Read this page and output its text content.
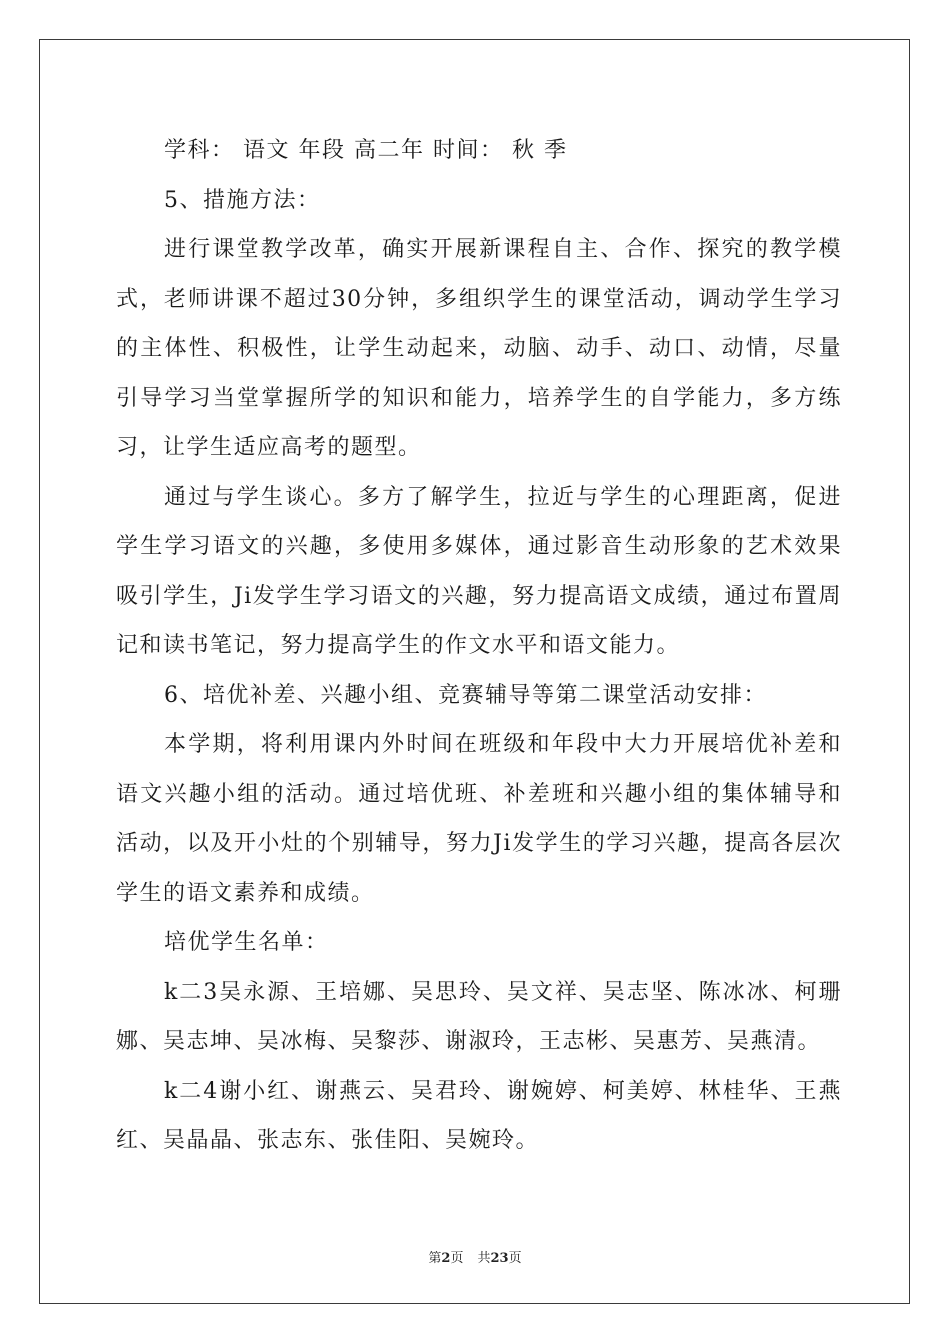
学科： 语文 年段 高二年 时间： 秋 季

5、措施方法：

进行课堂教学改革，确实开展新课程自主、合作、探究的教学模式，老师讲课不超过30分钟，多组织学生的课堂活动，调动学生学习的主体性、积极性，让学生动起来，动脑、动手、动口、动情，尽量引导学习当堂掌握所学的知识和能力，培养学生的自学能力，多方练习，让学生适应高考的题型。

通过与学生谈心。多方了解学生，拉近与学生的心理距离，促进学生学习语文的兴趣，多使用多媒体，通过影音生动形象的艺术效果吸引学生，Ji发学生学习语文的兴趣，努力提高语文成绩，通过布置周记和读书笔记，努力提高学生的作文水平和语文能力。

6、培优补差、兴趣小组、竞赛辅导等第二课堂活动安排：

本学期，将利用课内外时间在班级和年段中大力开展培优补差和语文兴趣小组的活动。通过培优班、补差班和兴趣小组的集体辅导和活动，以及开小灶的个别辅导，努力Ji发学生的学习兴趣，提高各层次学生的语文素养和成绩。

培优学生名单：

k二3吴永源、王培娜、吴思玲、吴文祥、吴志坚、陈冰冰、柯珊娜、吴志坤、吴冰梅、吴黎莎、谢淑玲，王志彬、吴惠芳、吴燕清。

k二4谢小红、谢燕云、吴君玲、谢婉婷、柯美婷、林桂华、王燕红、吴晶晶、张志东、张佳阳、吴婉玲。

第2页 共23页
